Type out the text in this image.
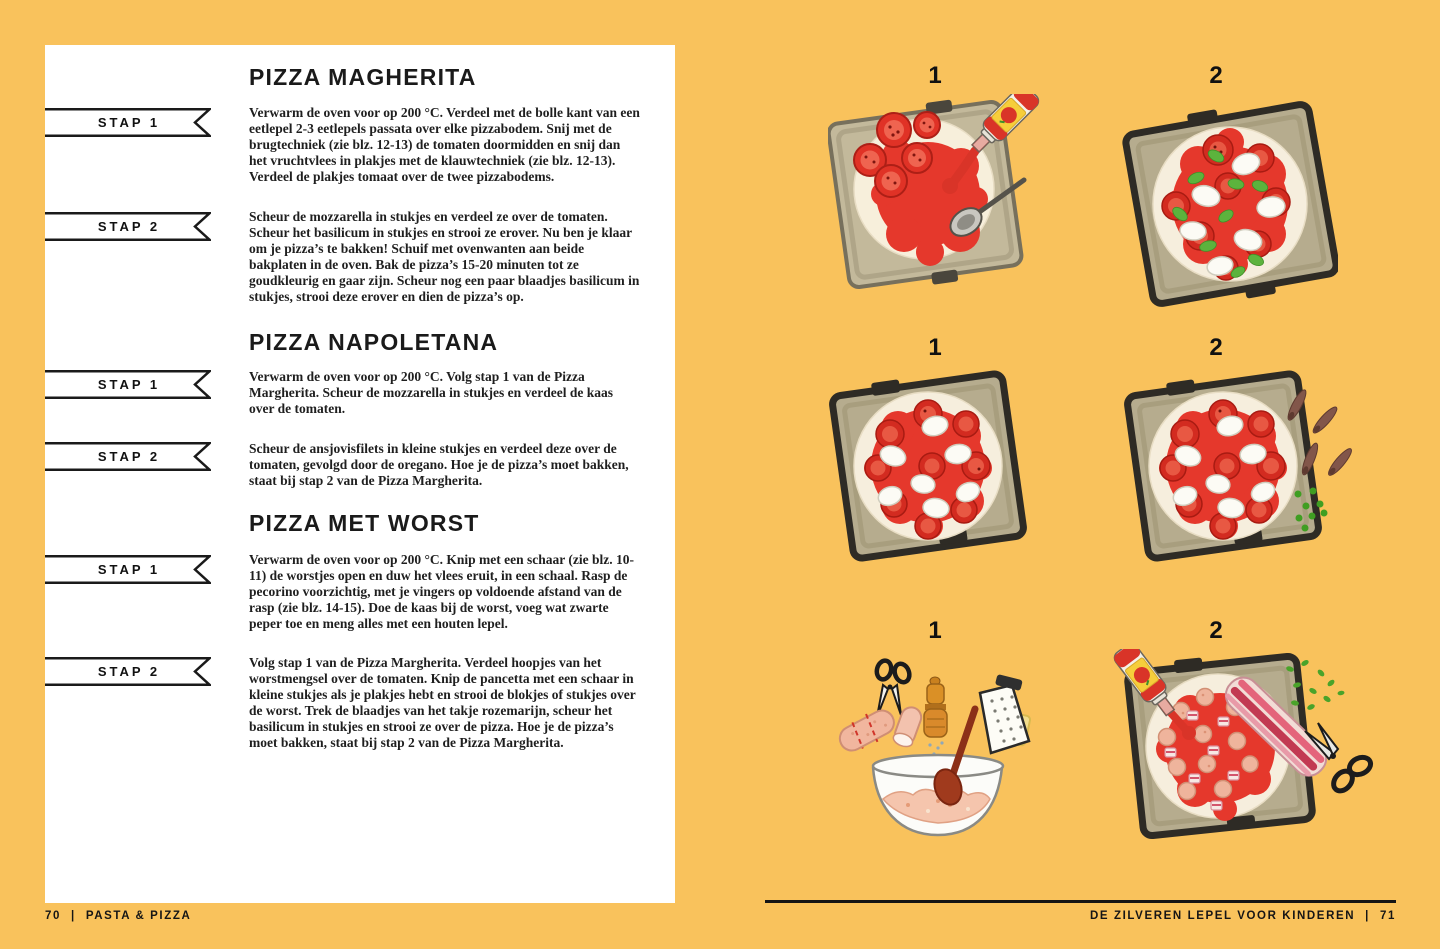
PIZZA MAGHERITA
STAP 1

Verwarm de oven voor op 200 °C. Verdeel met de bolle kant van een eetlepel 2-3 eetlepels passata over elke pizzabodem. Snij met de brugtechniek (zie blz. 12-13) de tomaten doormidden en snij dan het vruchtvlees in plakjes met de klauwtechniek (zie blz. 12-13). Verdeel de plakjes tomaat over de twee pizzabodems.

STAP 2

Scheur de mozzarella in stukjes en verdeel ze over de tomaten. Scheur het basilicum in stukjes en strooi ze erover. Nu ben je klaar om je pizza’s te bakken! Schuif met ovenwanten aan beide bakplaten in de oven. Bak de pizza’s 15-20 minuten tot ze goudkleurig en gaar zijn. Scheur nog een paar blaadjes basilicum in stukjes, strooi deze erover en dien de pizza’s op.

PIZZA NAPOLETANA
STAP 1

Verwarm de oven voor op 200 °C. Volg stap 1 van de Pizza Margherita. Scheur de mozzarella in stukjes en verdeel de kaas over de tomaten.

STAP 2

Scheur de ansjovisfilets in kleine stukjes en verdeel deze over de tomaten, gevolgd door de oregano. Hoe je de pizza’s moet bakken, staat bij stap 2 van de Pizza Margherita.

PIZZA MET WORST
STAP 1

Verwarm de oven voor op 200 °C. Knip met een schaar (zie blz. 10-11) de worstjes open en duw het vlees eruit, in een schaal. Rasp de pecorino voorzichtig, met je vingers op voldoende afstand van de rasp (zie blz. 14-15). Doe de kaas bij de worst, voeg wat zwarte peper toe en meng alles met een houten lepel.

STAP 2

Volg stap 1 van de Pizza Margherita. Verdeel hoopjes van het worstmengsel over de tomaten. Knip de pancetta met een schaar in kleine stukjes als je plakjes hebt en strooi de blokjes of stukjes over de worst. Trek de blaadjes van het takje rozemarijn, scheur het basilicum in stukjes en strooi ze over de pizza. Hoe je de pizza’s moet bakken, staat bij stap 2 van de Pizza Margherita.

1	2
1	2
1	2
70 | PASTA & PIZZA	DE ZILVEREN LEPEL VOOR KINDEREN | 71
